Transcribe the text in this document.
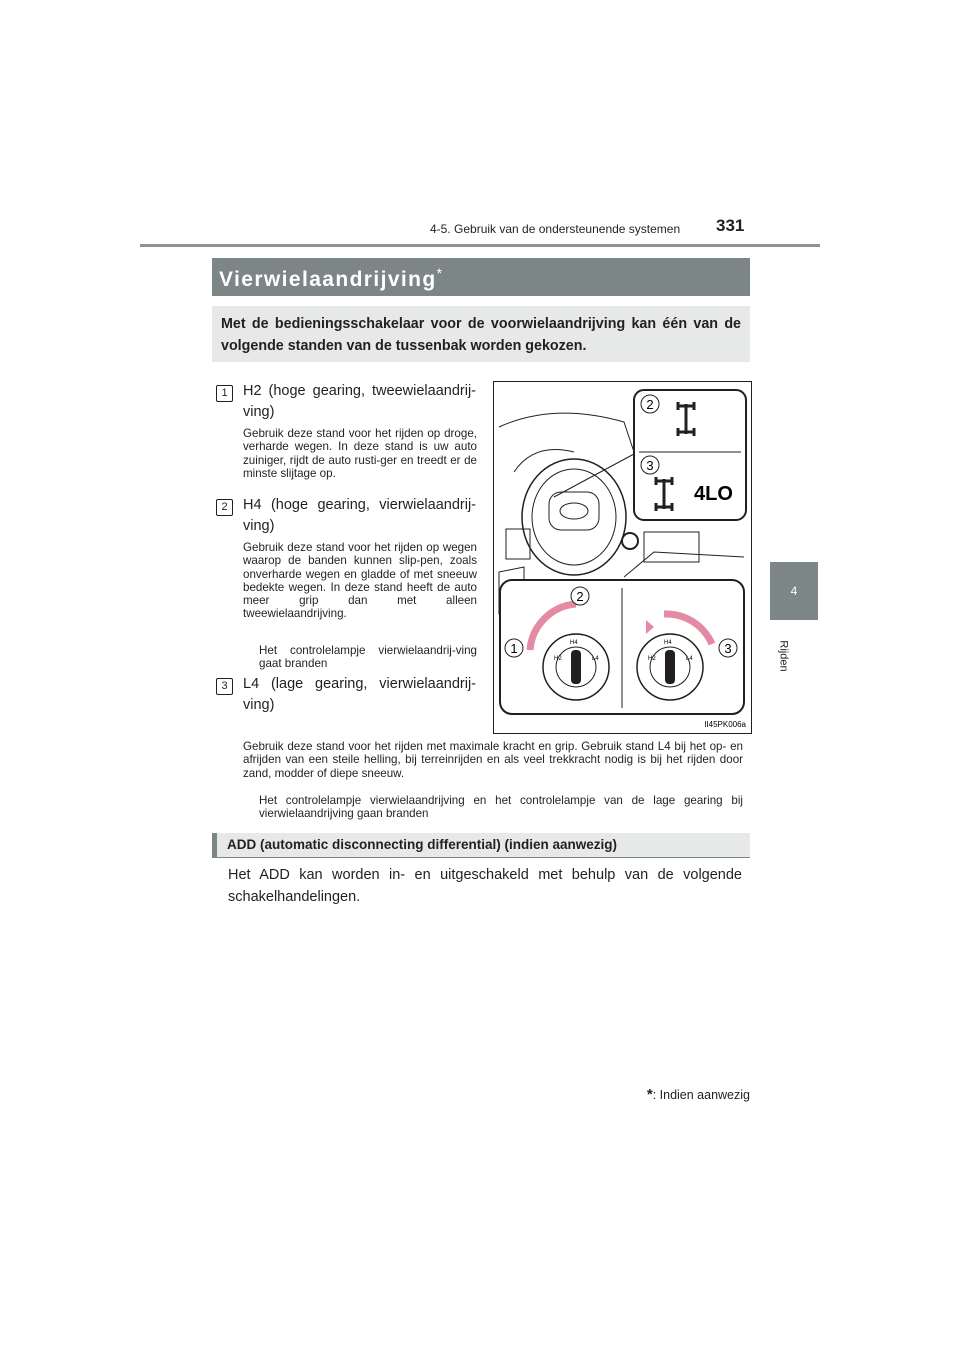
4-5. Gebruik van de ondersteunende systemen	331
4
Rijden
Vierwielaandrijving*
Met de bedieningsschakelaar voor de voorwielaandrijving kan één van de volgende standen van de tussenbak worden gekozen.
1	H2 (hoge gearing, tweewielaandrij-
ving)
Gebruik deze stand voor het rijden op droge, verharde wegen. In deze stand is uw auto zuiniger, rijdt de auto rusti-ger en treedt er de minste slijtage op.
2	H4 (hoge gearing, vierwielaandrij-
ving)
Gebruik deze stand voor het rijden op wegen waarop de banden kunnen slip-pen, zoals onverharde wegen en gladde of met sneeuw bedekte wegen. In deze stand heeft de auto meer grip dan met alleen tweewielaandrijving.
Het controlelampje vierwielaandrij-ving gaat branden
3	L4 (lage gearing, vierwielaandrij-
ving)
Gebruik deze stand voor het rijden met maximale kracht en grip. Gebruik stand L4 bij het op- en afrijden van een steile helling, bij terreinrijden en als veel trekkracht nodig is bij het rijden door zand, modder of diepe sneeuw.
Het controlelampje vierwielaandrijving en het controlelampje van de lage gearing bij vierwielaandrijving gaan branden
2
3
4LO
H2
H4
L4
1
2
H2
H4
L4
3
II45PK006a
ADD (automatic disconnecting differential) (indien aanwezig)
Het ADD kan worden in- en uitgeschakeld met behulp van de volgende schakelhandelingen.
*: Indien aanwezig
